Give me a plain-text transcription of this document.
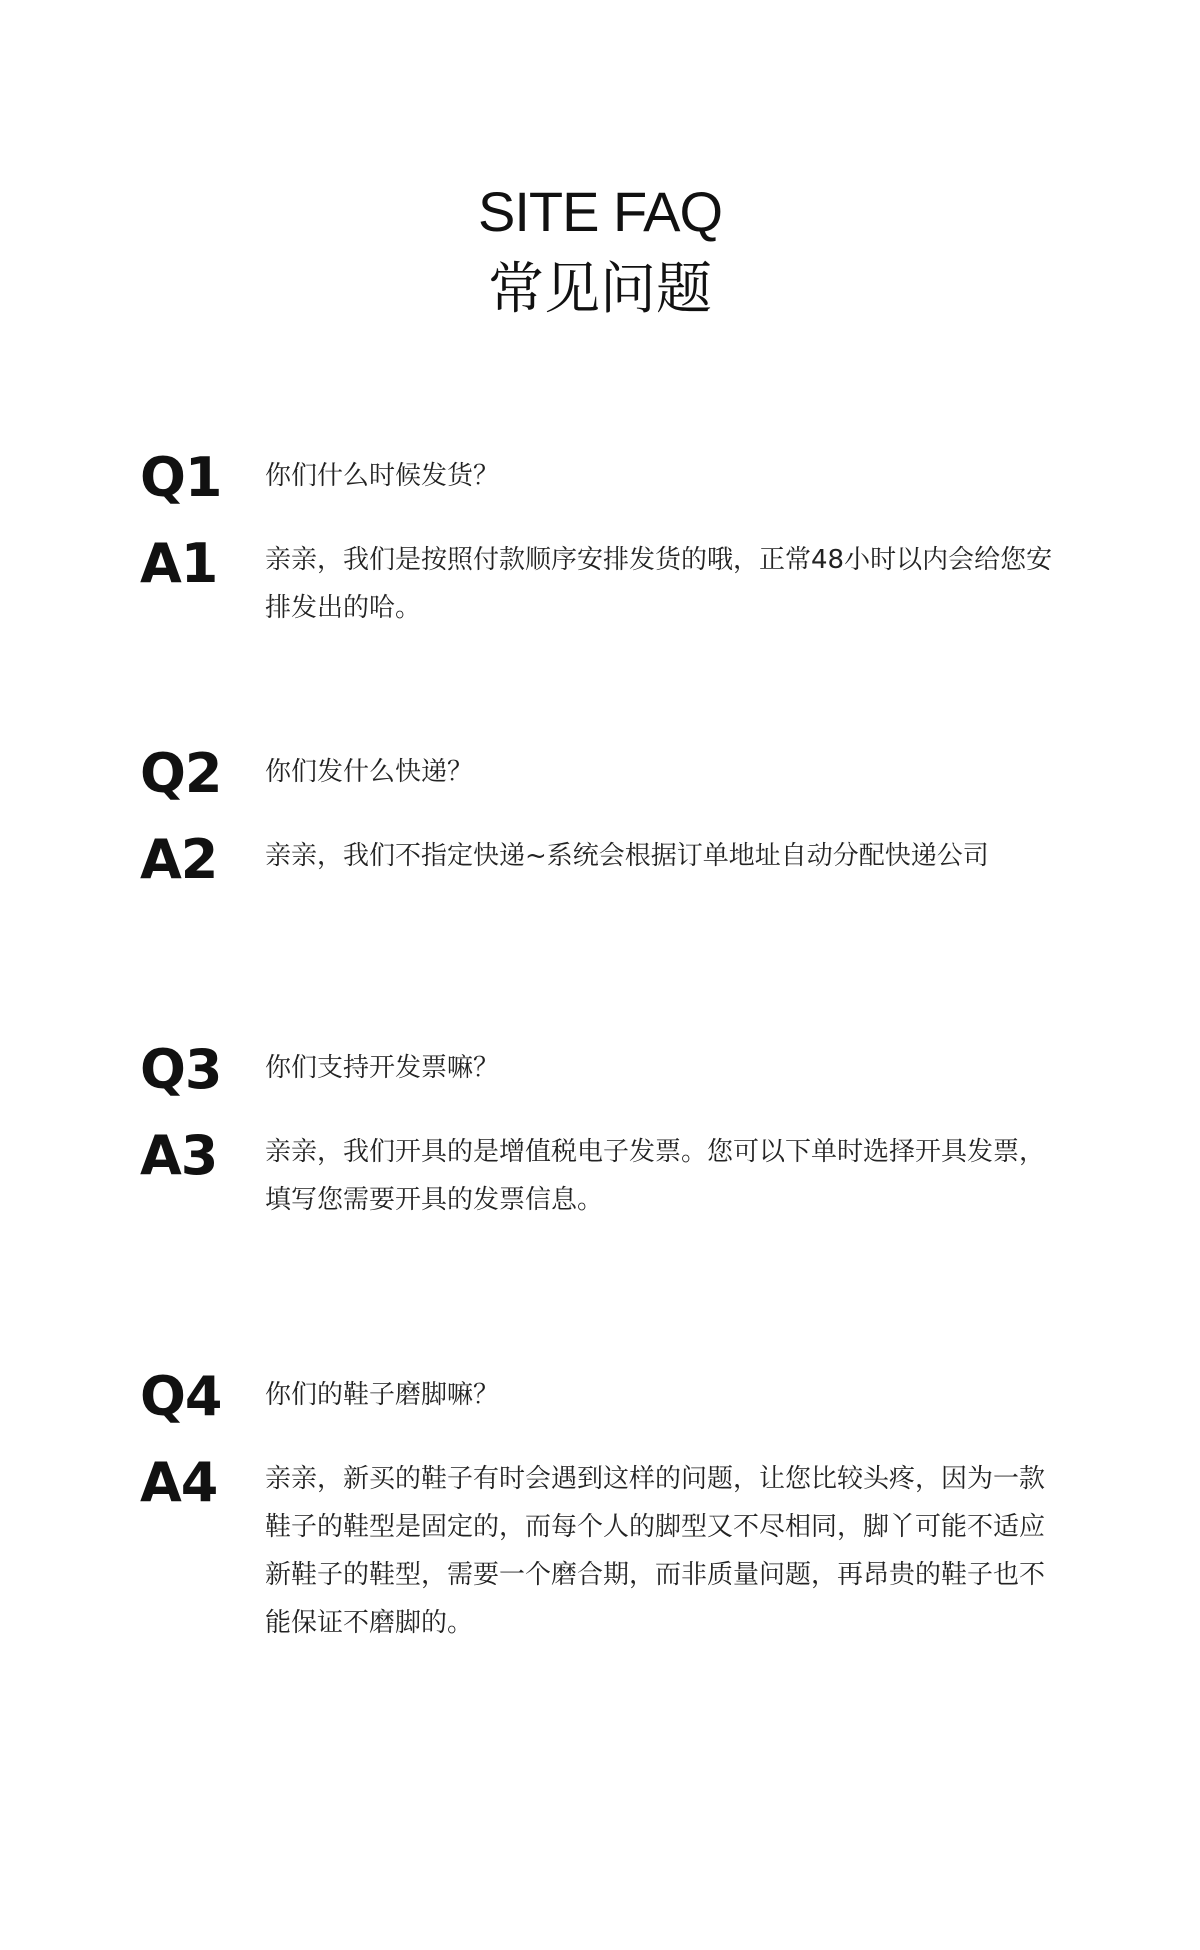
SITE FAQ
常见问题
Q1	你们什么时候发货？
A1	亲亲，我们是按照付款顺序安排发货的哦，正常48小时以内会给您安排发出的哈。
Q2	你们发什么快递？
A2	亲亲，我们不指定快递~系统会根据订单地址自动分配快递公司
Q3	你们支持开发票嘛？
A3	亲亲，我们开具的是增值税电子发票。您可以下单时选择开具发票，填写您需要开具的发票信息。
Q4	你们的鞋子磨脚嘛？
A4	亲亲，新买的鞋子有时会遇到这样的问题，让您比较头疼，因为一款鞋子的鞋型是固定的，而每个人的脚型又不尽相同，脚丫可能不适应新鞋子的鞋型，需要一个磨合期，而非质量问题，再昂贵的鞋子也不能保证不磨脚的。
